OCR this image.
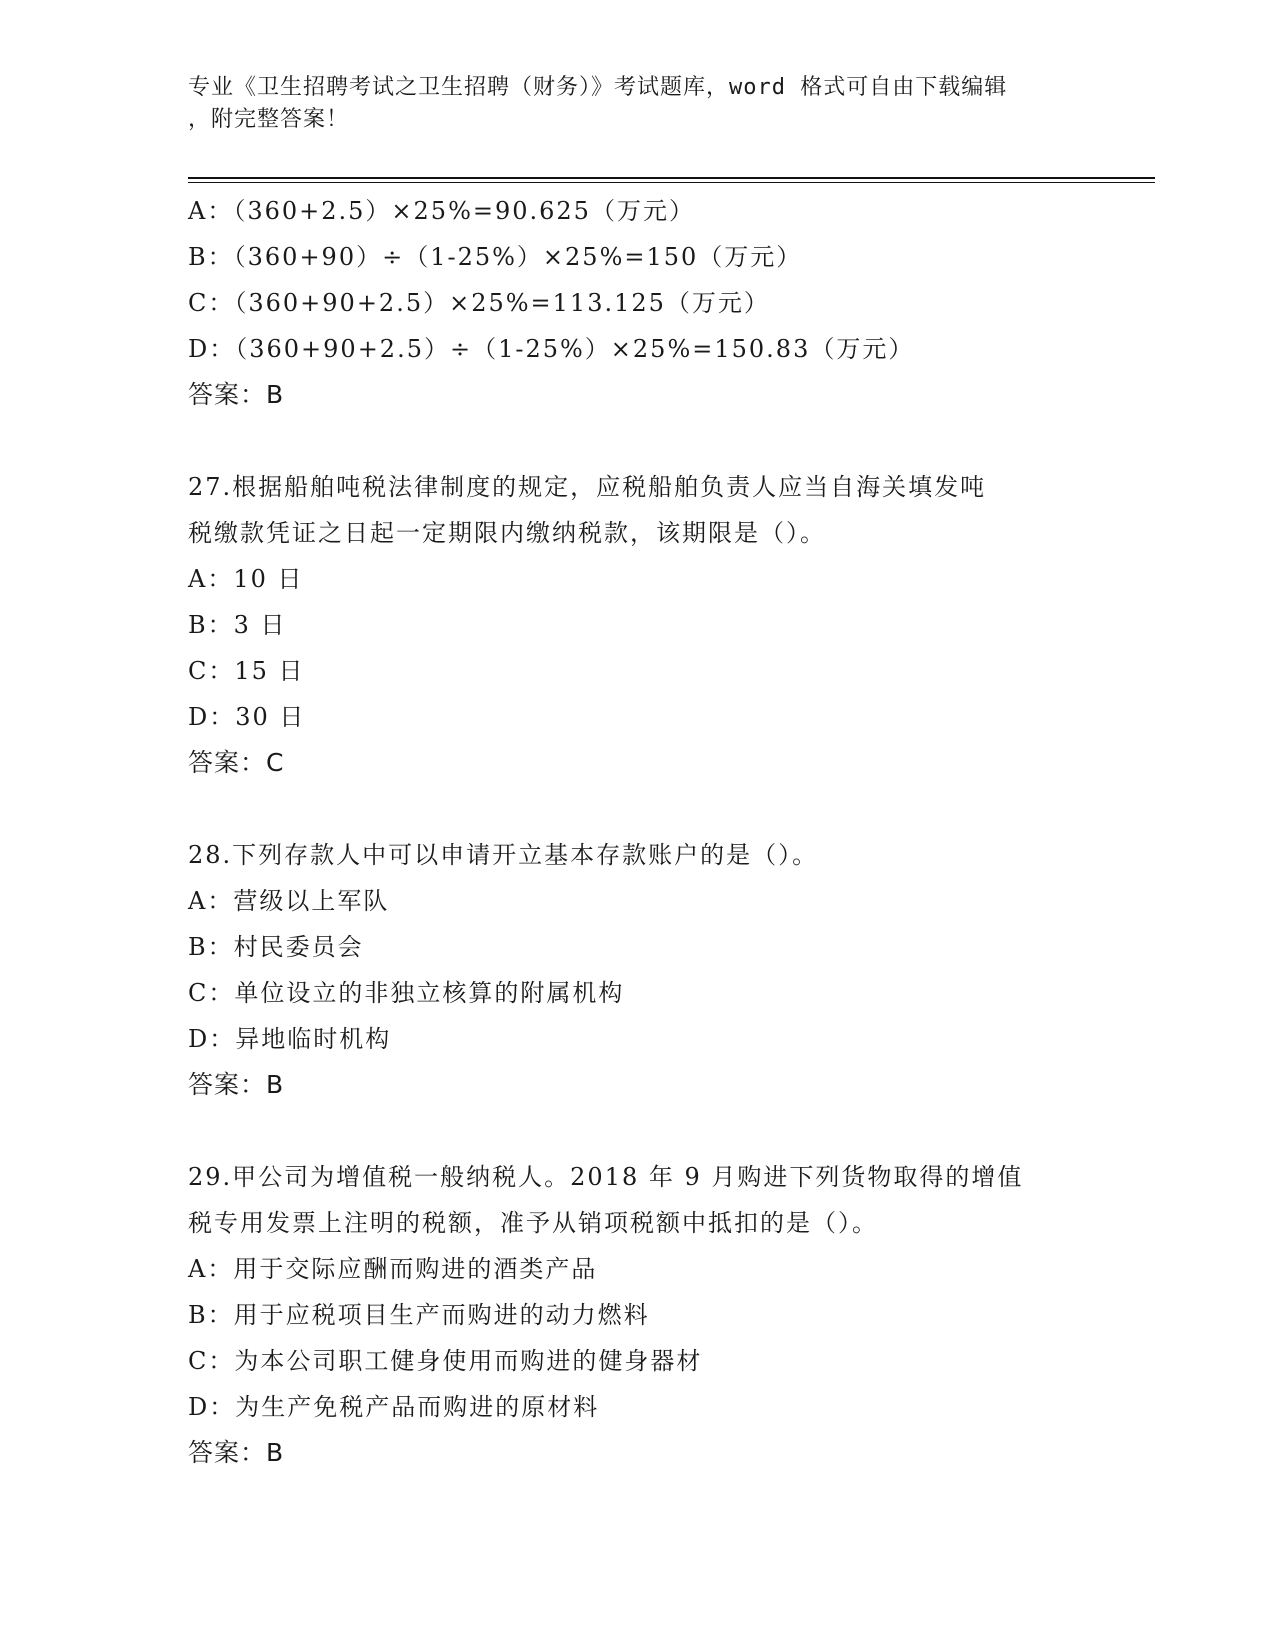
专业《卫生招聘考试之卫生招聘（财务）》考试题库，word 格式可自由下载编辑
，附完整答案！
A：（360+2.5）×25%=90.625（万元）
B：（360+90）÷（1-25%）×25%=150（万元）
C：（360+90+2.5）×25%=113.125（万元）
D：（360+90+2.5）÷（1-25%）×25%=150.83（万元）
答案：B
27.根据船舶吨税法律制度的规定，应税船舶负责人应当自海关填发吨
税缴款凭证之日起一定期限内缴纳税款，该期限是（）。
A：10 日
B：3 日
C：15 日
D：30 日
答案：C
28.下列存款人中可以申请开立基本存款账户的是（）。
A：营级以上军队
B：村民委员会
C：单位设立的非独立核算的附属机构
D：异地临时机构
答案：B
29.甲公司为增值税一般纳税人。2018 年 9 月购进下列货物取得的增值
税专用发票上注明的税额，准予从销项税额中抵扣的是（）。
A：用于交际应酬而购进的酒类产品
B：用于应税项目生产而购进的动力燃料
C：为本公司职工健身使用而购进的健身器材
D：为生产免税产品而购进的原材料
答案：B
